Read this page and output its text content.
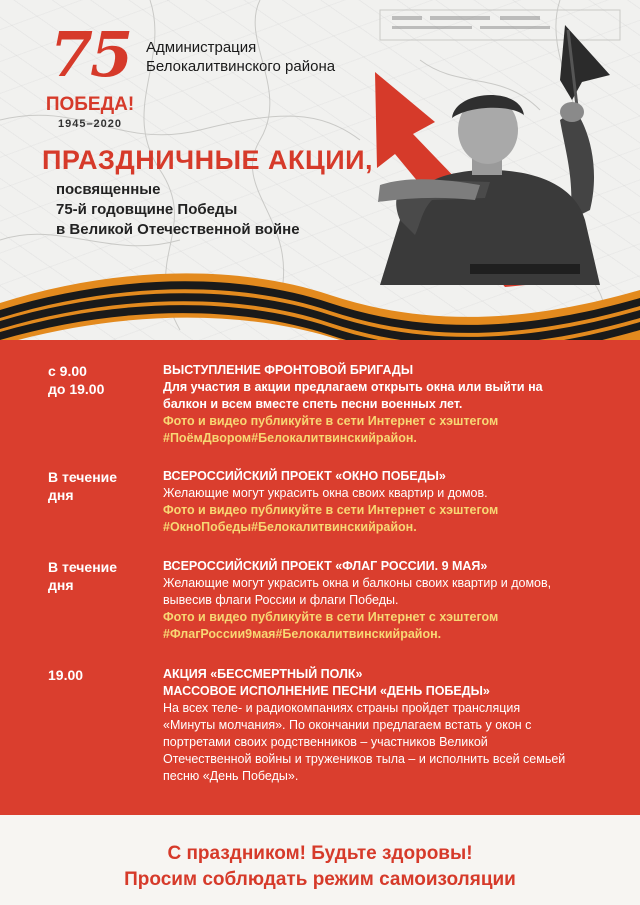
75
ПОБЕДА!
1945–2020
Администрация
Белокалитвинского района
ПРАЗДНИЧНЫЕ АКЦИИ,
посвященные
75-й годовщине Победы
в Великой Отечественной войне
с 9.00
до 19.00
ВЫСТУПЛЕНИЕ ФРОНТОВОЙ БРИГАДЫ
Для участия в акции предлагаем открыть окна или выйти на
балкон и всем вместе спеть песни военных лет.
Фото и видео публикуйте в сети Интернет с хэштегом
#ПоёмДвором#Белокалитвинскийрайон.
В течение
дня
ВСЕРОССИЙСКИЙ ПРОЕКТ «ОКНО ПОБЕДЫ»
Желающие могут украсить окна своих квартир и домов.
Фото и видео публикуйте в сети Интернет с хэштегом
#ОкноПобеды#Белокалитвинскийрайон.
В течение
дня
ВСЕРОССИЙСКИЙ ПРОЕКТ «ФЛАГ РОССИИ. 9 МАЯ»
Желающие могут украсить окна и балконы своих квартир и домов,
вывесив флаги России и флаги Победы.
Фото и видео публикуйте в сети Интернет с хэштегом
#ФлагРоссии9мая#Белокалитвинскийрайон.
19.00	АКЦИЯ «БЕССМЕРТНЫЙ ПОЛК»
МАССОВОЕ ИСПОЛНЕНИЕ ПЕСНИ «ДЕНЬ ПОБЕДЫ»
На всех теле- и радиокомпаниях страны пройдет трансляция
«Минуты молчания». По окончании предлагаем встать у окон с
портретами своих родственников – участников Великой
Отечественной войны и тружеников тыла – и исполнить всей семьей
песню «День Победы».
С праздником! Будьте здоровы!
Просим соблюдать режим самоизоляции
